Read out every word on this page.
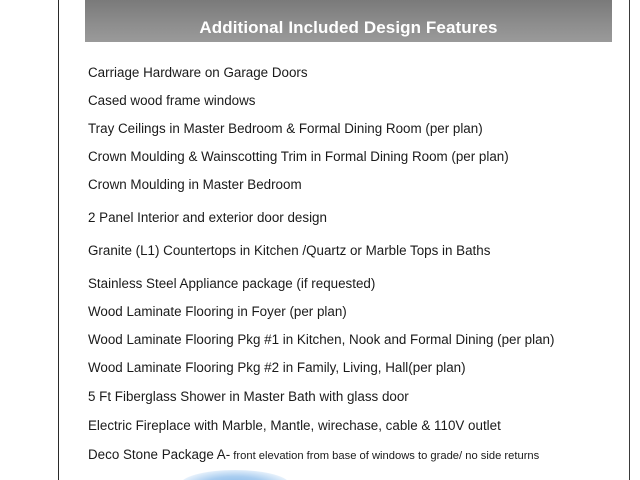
Additional Included Design Features
Carriage Hardware on Garage Doors
Cased wood frame windows
Tray Ceilings in Master Bedroom & Formal Dining Room (per plan)
Crown Moulding & Wainscotting Trim in Formal Dining Room (per plan)
Crown Moulding in Master Bedroom
2 Panel Interior and exterior door design
Granite (L1) Countertops in Kitchen /Quartz or Marble Tops in Baths
Stainless Steel Appliance package (if requested)
Wood Laminate Flooring in Foyer (per plan)
Wood Laminate Flooring Pkg #1 in Kitchen, Nook and Formal Dining (per plan)
Wood Laminate Flooring Pkg #2 in Family, Living, Hall(per plan)
5 Ft Fiberglass Shower in Master Bath with glass door
Electric Fireplace with Marble, Mantle, wirechase, cable & 110V outlet
Deco Stone Package A- front elevation from base of windows to grade/ no side returns
